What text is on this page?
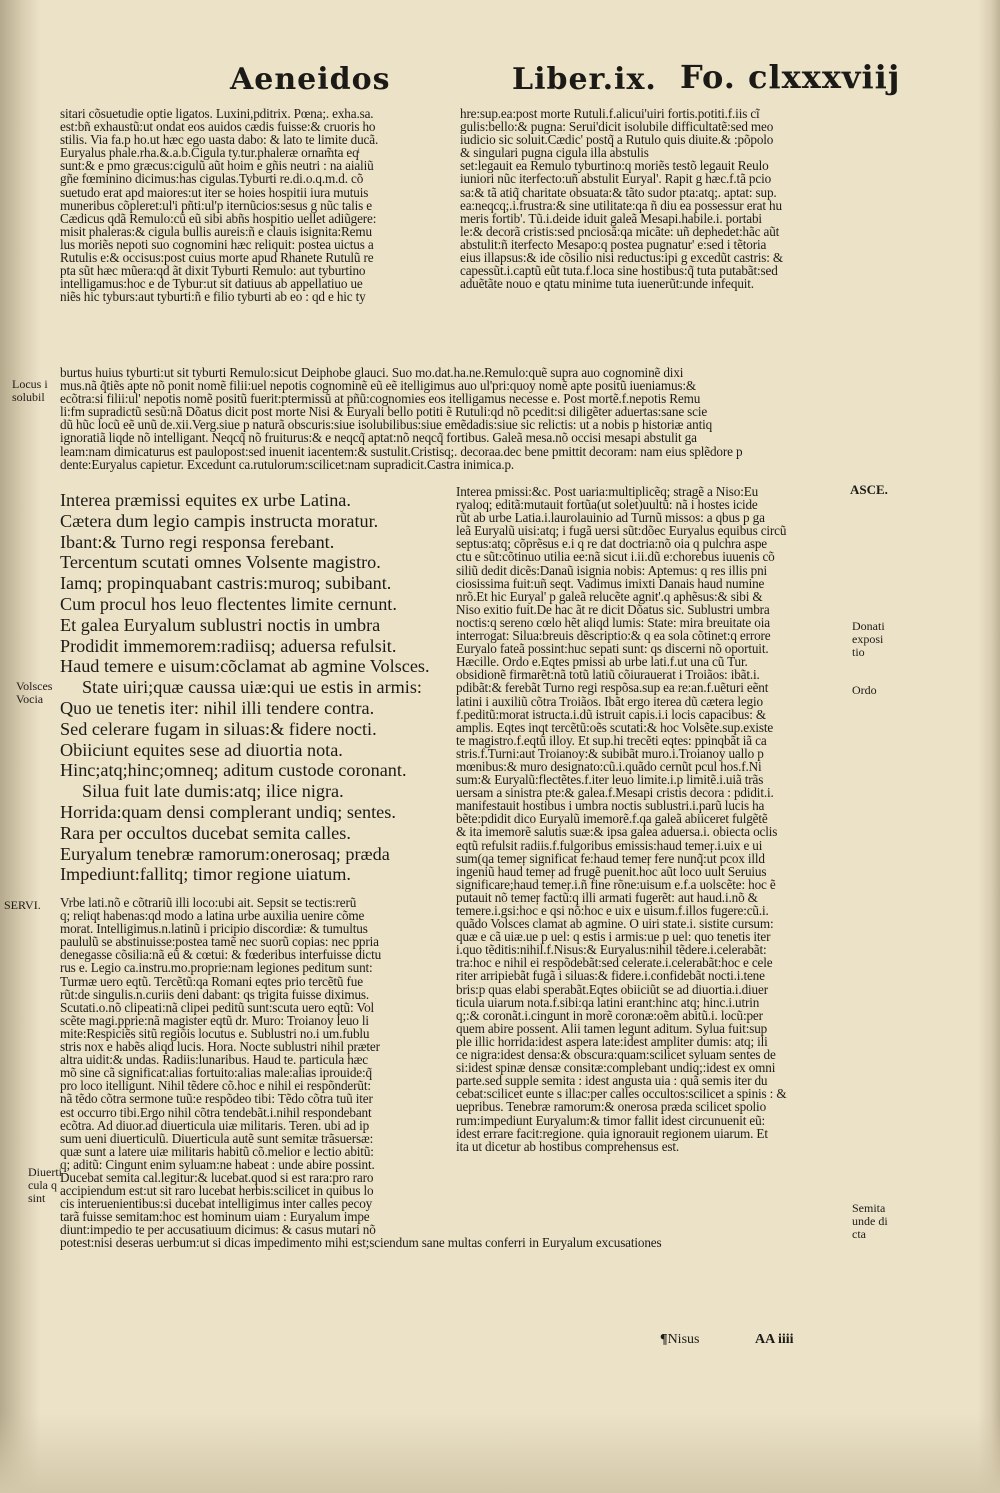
Aeneidos	Liber.ix. Fo. clxxxviij
sitari cõsuetudie optie ligatos. Luxini,pditrix. Pœna;. exha.sa.
est:bñ exhaustũ:ut ondat eos auidos cædis fuisse:& cruoris ho
stilis. Via fa.p ho.ut hæc ego uasta dabo: & lato te limite ducã.
Euryalus phale.rha.&.a.b.Cigula ty.tur.phaleræ ornam̃ta eqͥ
sunt:& e pmo græcus:cigulũ aũt hoim e gñis neutri : na aialiũ
gñe fœminino dicimus:has cigulas.Tyburti re.di.o.q.m.d. cõ
suetudo erat apd maiores:ut iter se hoies hospitii iura mutuis
muneribus cõpleret:ul'i pñti:ul'p iternũcios:sesus g nũc talis e
Cædicus qdã Remulo:cũ eũ sibi abñs hospitio uellet adiũgere:
misit phaleras:& cigula bullis aureis:ñ e clauis isignita:Remu
lus moriẽs nepoti suo cognomini hæc reliquit: postea uictus a
Rutulis e:& occisus:post cuius morte apud Rhanete Rutulũ re
pta sũt hæc mũera:qd ãt dixit Tyburti Remulo: aut tyburtino
intelligamus:hoc e de Tybur:ut sit datiuus ab appellatiuo ue
niẽs hic tyburs:aut tyburti:ñ e filio tyburti ab eo : qd e hic ty
hre:sup.ea:post morte Rutuli.f.alicui'uiri fortis.potiti.f.iis cĩ
gulis:bello:& pugna: Serui'dicit isolubile difficultatẽ:sed meo
iudicio sic soluit.Cædic' postq̃ a Rutulo quis diuite.& :põpolo
& singulari pugna cigula illa abstulis
set:legauit ea Remulo tyburtino:q moriẽs testõ legauit Reulo
iuniori nũc iterfecto:uñ abstulit Euryal'. Rapit g hæc.f.tã pcio
sa:& tã atiq̃ charitate obsuata:& tãto sudor pta:atq;. aptat: sup.
ea:neqcq;.i.frustra:& sine utilitate:qa ñ diu ea possessur erat hu
meris fortib'. Tũ.i.deide iduit galeã Mesapi.habile.i. portabi
le:& decorã cristis:sed pnciosã:qa micãte: uñ dephedet:hãc aũt
abstulit:ñ iterfecto Mesapo:q postea pugnatur' e:sed i tẽtoria
eius illapsus:& ide cõsilio nisi reductus:ipi g excedũt castris: &
capessũt.i.captũ eũt tuta.f.loca sine hostibus:q̃ tuta putabãt:sed
aduẽtãte nouo e qtatu minime tuta iuenerũt:unde infequit.
burtus huius tyburti:ut sit tyburti Remulo:sicut Deiphobe glauci. Suo mo.dat.ha.ne.Remulo:quẽ supra auo cognominẽ dixi
mus.nã q̃tiẽs apte nõ ponit nomẽ filii:uel nepotis cognominẽ eũ eẽ itelligimus auo ul'pri:quoy nomẽ apte positũ iueniamus:&
ecõtra:si filii:ul' nepotis nomẽ positũ fuerit:ptermissũ at pñũ:cognomies eos itelligamus necesse e. Post mortẽ.f.nepotis Remu
li:fm supradictũ sesũ:nã Dõatus dicit post morte Nisi & Euryali bello potiti ẽ Rutuli:qd nõ pcedit:si diligẽter aduertas:sane scie
dũ hũc locũ eẽ unũ de.xii.Verg.siue p naturã obscuris:siue isolubilibus:siue emẽdadis:siue sic relictis: ut a nobis p historiæ antiq
ignoratiã liqde nõ intelligant. Neqcq̃ nõ fruiturus:& e neqcq̃ aptat:nõ neqcq̃ fortibus. Galeã mesa.nõ occisi mesapi abstulit ga
leam:nam dimicaturus est paulopost:sed inuenit iacentem:& sustulit.Cristisq;. decoraa.dec bene pmittit decoram: nam eius splẽdore p
dente:Euryalus capietur. Excedunt ca.rutulorum:scilicet:nam supradicit.Castra inimica.p.
Interea præmissi equites ex urbe Latina.
Cætera dum legio campis instructa moratur.
Ibant:& Turno regi responsa ferebant.
Tercentum scutati omnes Volsente magistro.
Iamq; propinquabant castris:muroq; subibant.
Cum procul hos leuo flectentes limite cernunt.
Et galea Euryalum sublustri noctis in umbra
Prodidit immemorem:radiisq; aduersa refulsit.
Haud temere e uisum:cõclamat ab agmine Volsces.
State uiri;quæ caussa uiæ:qui ue estis in armis:
Quo ue tenetis iter: nihil illi tendere contra.
Sed celerare fugam in siluas:& fidere nocti.
Obiiciunt equites sese ad diuortia nota.
Hinc;atq;hinc;omneq; aditum custode coronant.
Silua fuit late dumis:atq; ilice nigra.
Horrida:quam densi complerant undiq; sentes.
Rara per occultos ducebat semita calles.
Euryalum tenebræ ramorum:onerosaq; præda
Impediunt:fallitq; timor regione uiatum.
Interea pmissi:&c. Post uaria:multiplicẽq; stragẽ a Niso:Eu
ryaloq; editã:mutauit fortũa(ut solet)uultũ: nã i hostes icide
rũt ab urbe Latia.i.laurolauinio ad Turnũ missos: a qbus p ga
leã Euryalũ uisi:atq; i fugã uersi sũt:dõec Euryalus equibus circũ
septus:atq; cõprẽsus e.i q re dat doctria:nõ oia q pulchra aspe
ctu e sũt:cõtinuo utilia ee:nã sicut i.ii.dũ e:chorebus iuuenis cõ
siliũ dedit dicẽs:Danaũ isignia nobis: Aptemus: q res illis pni
ciosissima fuit:uñ seqt. Vadimus imixti Danais haud numine
nrõ.Et hic Euryal' p galeã relucẽte agnit'.q aphẽsus:& sibi &
Niso exitio fuit.De hac ãt re dicit Dõatus sic. Sublustri umbra
noctis:q sereno cœlo hẽt aliqd lumis: State: mira breuitate oia
interrogat: Silua:breuis dẽscriptio:& q ea sola cõtinet:q errore
Euryalo fateã possint:huc sepati sunt: qs discerni nõ oportuit.
Hæcille. Ordo e.Eqtes pmissi ab urbe lati.f.ut una cũ Tur.
obsidionẽ firmarẽt:nã totũ latiũ cõiurauerat i Troiãos: ibãt.i.
pdibãt:& ferebãt Turno regi respõsa.sup ea re:an.f.uẽturi eẽnt
latini i auxiliũ cõtra Troiãos. Ibãt ergo iterea dũ cætera legio
f.peditũ:morat istructa.i.dũ istruit capis.i.i locis capacibus: &
amplis. Eqtes inqt tercẽtũ:oẽs scutati:& hoc Volsẽte.sup.existe
te magistro.f.eqtũ illoy. Et sup.hi trecẽti eqtes: ppinqbãt iã ca
stris.f.Turni:aut Troianoy:& subibãt muro.i.Troianoy uallo p
mœnibus:& muro designato:cũ.i.quãdo cernũt pcul hos.f.Ni
sum:& Euryalũ:flectẽtes.f.iter leuo limite.i.p limitẽ.i.uiã trãs
uersam a sinistra pte:& galea.f.Mesapi cristis decora : pdidit.i.
manifestauit hostibus i umbra noctis sublustri.i.parũ lucis ha
bẽte:pdidit dico Euryalũ imemorẽ.f.qa galeã abiiceret fulgẽtẽ
& ita imemorẽ salutis suæ:& ipsa galea aduersa.i. obiecta oclis
eqtũ refulsit radiis.f.fulgoribus emissis:haud temeŗ.i.uix e ui
sum(qa temeŗ significat fe:haud temeŗ fere nunq̃:ut pcox illd
ingeniũ haud temeŗ ad frugẽ puenit.hoc aũt loco uult Seruius
significare;haud temeŗ.i.ñ fine rõne:uisum e.f.a uolscẽte: hoc ẽ
putauit nõ temeŗ factũ:q illi armati fugerẽt: aut haud.i.nõ &
temere.i.gsi:hoc e qsi nõ:hoc e uix e uisum.f.illos fugere:cũ.i.
quãdo Volsces clamat ab agmine. O uiri state.i. sistite cursum:
quæ e cã uiæ.ue p uel: q estis i armis:ue p uel: quo tenetis iter
i.quo tẽditis:nihil.f.Nisus:& Euryalus:nihil tẽdere.i.celerabãt:
tra:hoc e nihil ei respõdebãt:sed celerate.i.celerabãt:hoc e cele
riter arripiebãt fugã i siluas:& fidere.i.confidebãt nocti.i.tene
bris:p quas elabi sperabãt.Eqtes obiiciũt se ad diuortia.i.diuer
ticula uiarum nota.f.sibi:qa latini erant:hinc atq; hinc.i.utrin
q;:& coronãt.i.cingunt in morẽ coronæ:oẽm abitũ.i. locũ:per
quem abire possent. Alii tamen legunt aditum. Sylua fuit:sup
ple illic horrida:idest aspera late:idest ampliter dumis: atq; ili
ce nigra:idest densa:& obscura:quam:scilicet syluam sentes de
si:idest spinæ densæ consitæ:complebant undiq;:idest ex omni
parte.sed supple semita : idest angusta uia : quã semis iter du
cebat:scilicet eunte s illac:per calles occultos:scilicet a spinis : &
uepribus. Tenebræ ramorum:& onerosa præda scilicet spolio
rum:impediunt Euryalum:& timor fallit idest circunuenit eũ:
idest errare facit:regione. quia ignorauit regionem uiarum. Et
ita ut dicetur ab hostibus comprehensus est.
Vrbe lati.nõ e cõtrariũ illi loco:ubi ait. Sepsit se tectis:rerũ
q; reliqt habenas:qd modo a latina urbe auxilia uenire cõme
morat. Intelligimus.n.latinũ i pricipio discordiæ: & tumultus
paululũ se abstinuisse:postea tamẽ nec suorũ copias: nec ppria
denegasse cõsilia:nã eũ & cœtui: & fœderibus interfuisse dictu
rus e. Legio ca.instru.mo.proprie:nam legiones peditum sunt:
Turmæ uero eqtũ. Tercẽtũ:qa Romani eqtes prio tercẽtũ fue
rũt:de singulis.n.curiis deni dabant: qs trigita fuisse diximus.
Scutati.o.nõ clipeati:nã clipei peditũ sunt:scuta uero eqtũ: Vol
scẽte magi.pprie:nã magister eqtũ dr. Muro: Troianoy leuo li
mite:Respiciẽs sitũ regiõis locutus e. Sublustri no.i um.fublu
stris nox e habẽs aliqd lucis. Hora. Nocte sublustri nihil præter
altra uidit:& undas. Radiis:lunaribus. Haud te. particula hæc
mõ sine cã significat:alias fortuito:alias male:alias iprouide:q̃
pro loco itelligunt. Nihil tẽdere cõ.hoc e nihil ei respõnderũt:
nã tẽdo cõtra sermone tuũ:e respõdeo tibi: Tẽdo cõtra tuũ iter
est occurro tibi.Ergo nihil cõtra tendebãt.i.nihil respondebant
ecõtra. Ad diuor.ad diuerticula uiæ militaris. Teren. ubi ad ip
sum ueni diuerticulũ. Diuerticula autẽ sunt semitæ trãsuersæ:
quæ sunt a latere uiæ militaris habitũ cõ.melior e lectio abitũ:
q; aditũ: Cingunt enim syluam:ne habeat : unde abire possint.
Ducebat semita cal.legitur:& lucebat.quod si est rara:pro raro
accipiendum est:ut sit raro lucebat herbis:scilicet in quibus lo
cis interuenientibus:si ducebat intelligimus inter calles pecoy
tarã fuisse semitam:hoc est hominum uiam : Euryalum impe
diunt:impedio te per accusatiuum dicimus: & casus mutari nõ
potest:nisi deseras uerbum:ut si dicas impedimento mihi est;sciendum sane multas conferri in Euryalum excusationes
Locus i
solubil
Volsces
Vocia
SERVI.
Diuerti
cula q
sint
ASCE.
Donati
exposi
tio
Ordo
Semita
unde di
cta
¶Nisus	AA iiii
